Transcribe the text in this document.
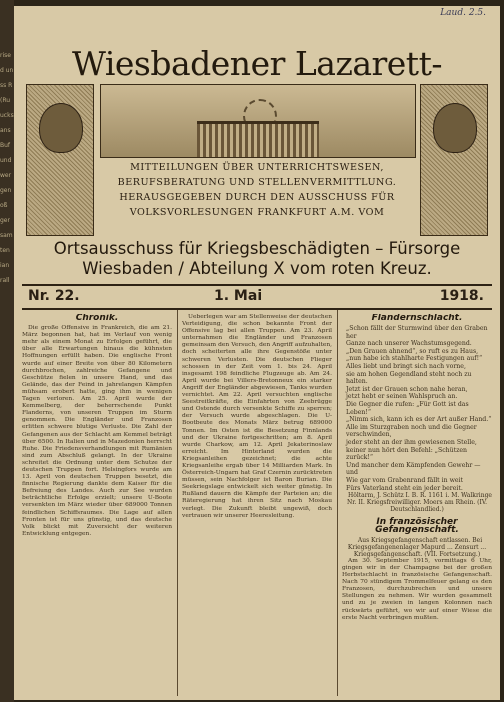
rise
d un
ss R
(Ru
ucks
ans
Buf
und
wer
gen
oß
ger
sam
ten
ian
rall
Laud. 2.5.
Wiesbadener Lazarett-
MITTEILUNGEN ÜBER UNTERRICHTSWESEN,
BERUFSBERATUNG UND STELLENVERMITTLUNG.
HERAUSGEGEBEN DURCH DEN AUSSCHUSS FÜR
VOLKSVORLESUNGEN FRANKFURT A.M. VOM
Ortsausschuss für Kriegsbeschädigten – Fürsorge
Wiesbaden / Abteilung X vom roten Kreuz.
Nr. 22.	1. Mai	1918.
Chronik.

Die große Offensive in Frankreich, die am 21. März begonnen hat, hat im Verlauf von wenig mehr als einem Monat zu Erfolgen geführt, die über alle Erwartungen hinaus die kühnsten Hoffnungen erfüllt haben. Die englische Front wurde auf einer Breite von über 80 Kilometern durchbrochen, zahlreiche Gefangene und Geschütze fielen in unsere Hand, und das Gelände, das der Feind in jahrelangen Kämpfen mühsam erobert hatte, ging ihm in wenigen Tagen verloren. Am 25. April wurde der Kemmelberg, der beherrschende Punkt Flanderns, von unseren Truppen im Sturm genommen. Die Engländer und Franzosen erlitten schwere blutige Verluste. Die Zahl der Gefangenen aus der Schlacht am Kemmel beträgt über 6500. In Italien und in Mazedonien herrscht Ruhe. Die Friedensverhandlungen mit Rumänien sind zum Abschluß gelangt. In der Ukraine schreitet die Ordnung unter dem Schutze der deutschen Truppen fort. Helsingfors wurde am 13. April von deutschen Truppen besetzt, die finnische Regierung dankte dem Kaiser für die Befreiung des Landes. Auch zur See wurden beträchtliche Erfolge erzielt; unsere U-Boote versenkten im März wieder über 689000 Tonnen feindlichen Schiffsraumes. Die Lage auf allen Fronten ist für uns günstig, und das deutsche Volk blickt mit Zuversicht der weiteren Entwicklung entgegen.

Ueberlegen war am Stellenweise der deutschen Verteidigung, die schon bekannte Front der Offensive lag bei allen Truppen. Am 23. April unternahmen die Engländer und Franzosen gemeinsam den Versuch, den Angriff aufzuhalten, doch scheiterten alle ihre Gegenstöße unter schweren Verlusten. Die deutschen Flieger schossen in der Zeit vom 1. bis 24. April insgesamt 198 feindliche Flugzeuge ab. Am 24. April wurde bei Villers-Bretonneux ein starker Angriff der Engländer abgewiesen, Tanks wurden vernichtet. Am 22. April versuchten englische Seestreitkräfte, die Einfahrten von Zeebrügge und Ostende durch versenkte Schiffe zu sperren; der Versuch wurde abgeschlagen. Die U-Bootbeute des Monats März betrug 689000 Tonnen. Im Osten ist die Besetzung Finnlands und der Ukraine fortgeschritten; am 8. April wurde Charkow, am 12. April Jekaterinoslaw erreicht. Im Hinterland wurden die Kriegsanleihen gezeichnet; die achte Kriegsanleihe ergab über 14 Milliarden Mark. In Österreich-Ungarn hat Graf Czernin zurücktreten müssen, sein Nachfolger ist Baron Burian. Die Seekriegslage entwickelt sich weiter günstig. In Rußland dauern die Kämpfe der Parteien an; die Räteregierung hat ihren Sitz nach Moskau verlegt. Die Zukunft bleibt ungewiß, doch vertrauen wir unserer Heeresleitung.

Flandernschlacht.

„Schon fällt der Sturmwind über den Graben her

Ganze nach unserer Wachstumsgegend.

„Den Grauen ahnend“, so ruft es zu Haus,

„nun habe ich stahlharte Festigungen auf!“

Alles liebt und bringt sich nach vorne,

sie am hohen Gegendland steht noch zu halten.

Jetzt ist der Grauen schon nahe heran,

jetzt hebt er seinen Wahlspruch an.

Die Gegner die rufen: „Für Gott ist das Leben!“

„Nimm sich, kann ich es der Art außer Hand.“

Alle im Sturzgraben noch und die Gegner verschwinden,

jeder steht an der ihm gewiesenen Stelle,

keiner nun hört den Befehl: „Schützen zurück!“

Und mancher dem Kämpfenden Gewehr — und

Wie gar vom Grabenrand fällt in weit

Fürs Vaterland steht ein jeder bereit.

Höltarm, J. Schütz I. B. R. 1161 i. M. Walkringe Nr. II. Kriegsfreiwilliger. Moers am Rhein. (IV. Deutschlandlied.)

In französischer Gefangenschaft.

Aus Kriegsgefangenschaft entlassen. Bei Kriegsgefangenenlager Mapurd ... Zensurt ... Kriegsgefangenschaft. (VII. Fortsetzung.)

Am 30. September 1915, vormittags 6 Uhr, gingen wir in der Champagne bei der großen Herbstschlacht in französische Gefangenschaft. Nach 70 stündigem Trommelfeuer gelang es den Franzosen, durchzubrechen und unsere Stellungen zu nehmen. Wir wurden gesammelt und zu je zweien in langen Kolonnen nach rückwärts geführt, wo wir auf einer Wiese die erste Nacht verbringen mußten.
